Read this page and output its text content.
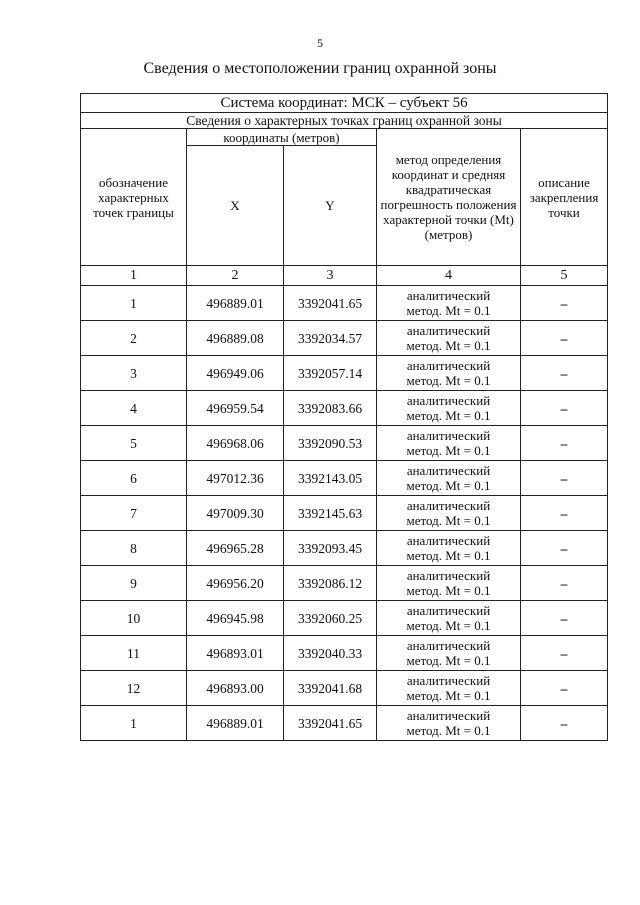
5
Сведения о местоположении границ охранной зоны
Система координат: МСК – субъект 56				
Сведения о характерных точках границ охранной зоны				
обозначение характерных точек границы	координаты (метров)		метод определения координат и средняя квадратическая погрешность положения характерной точки (Mt) (метров)	описание закрепления точки
	X	Y		
1	2	3	4	5
1	496889.01	3392041.65	аналитический
метод. Mt = 0.1	–
2	496889.08	3392034.57	аналитический
метод. Mt = 0.1	–
3	496949.06	3392057.14	аналитический
метод. Mt = 0.1	–
4	496959.54	3392083.66	аналитический
метод. Mt = 0.1	–
5	496968.06	3392090.53	аналитический
метод. Mt = 0.1	–
6	497012.36	3392143.05	аналитический
метод. Mt = 0.1	–
7	497009.30	3392145.63	аналитический
метод. Mt = 0.1	–
8	496965.28	3392093.45	аналитический
метод. Mt = 0.1	–
9	496956.20	3392086.12	аналитический
метод. Mt = 0.1	–
10	496945.98	3392060.25	аналитический
метод. Mt = 0.1	–
11	496893.01	3392040.33	аналитический
метод. Mt = 0.1	–
12	496893.00	3392041.68	аналитический
метод. Mt = 0.1	–
1	496889.01	3392041.65	аналитический
метод. Mt = 0.1	–
